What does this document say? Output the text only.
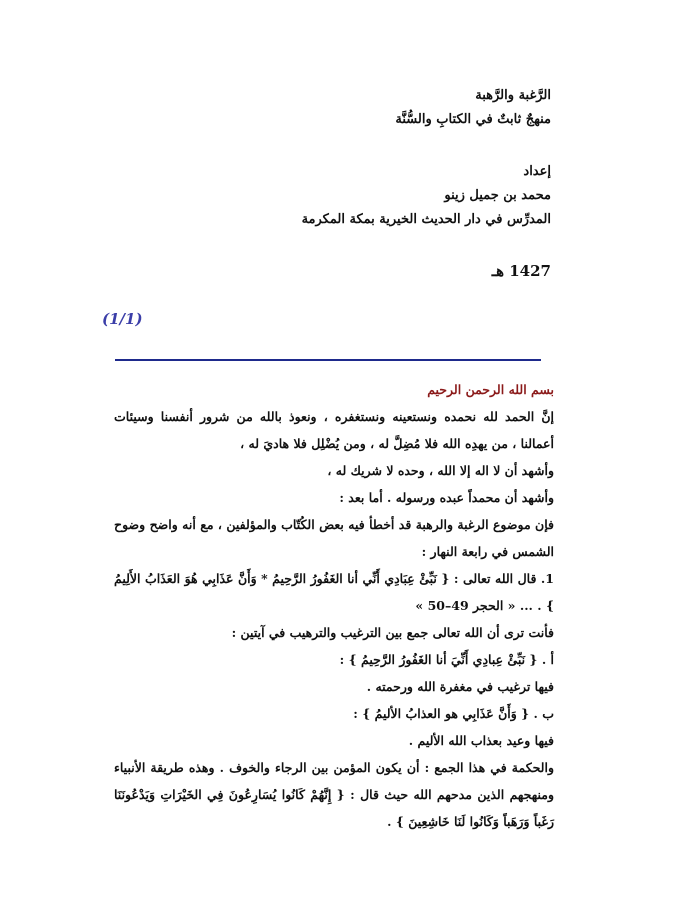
الرَّغبة والرَّهبة
منهجٌ ثابتٌ في الكتابِ والسُّنَّة
إعداد
محمد بن جميل زينو
المدرِّس في دار الحديث الخيرية بمكة المكرمة
1427 هـ
(1/1)
بسم الله الرحمن الرحيم
إنَّ الحمد لله نحمده ونستعينه ونستغفره ، ونعوذ بالله من شرور أنفسنا وسيئات أعمالنا ، من يهدِه الله فلا مُضِلَّ له ، ومن يُضْلِل فلا هاديَ له ،
وأشهد أن لا اله إلا الله ، وحده لا شريك له ،
وأشهد أن محمداً عبده ورسوله . أما بعد :
فإن موضوع الرغبة والرهبة قد أخطأ فيه بعض الكُتّاب والمؤلفين ، مع أنه واضح وضوح الشمس في رابعة النهار :
1. قال الله تعالى : { نَبِّئْ عِبَادِي أَنِّي أنا الغَفُورُ الرَّحِيمُ * وَأَنَّ عَذَابِي هُوَ العَذَابُ الأَلِيمُ } . ... « الحجر 49–50 »
فأنت ترى أن الله تعالى جمع بين الترغيب والترهيب في آيتين :
أ . { نَبِّئْ عِبادِي أَنِّيَ أنا الغَفُورُ الرَّحِيمُ } :
فيها ترغيب في مغفرة الله ورحمته .
ب . { وَأَنَّ عَذَابِي هو العذابُ الأليمُ } :
فيها وعيد بعذاب الله الأليم .
والحكمة في هذا الجمع : أن يكون المؤمن بين الرجاء والخوف . وهذه طريقة الأنبياء ومنهجهم الذين مدحهم الله حيث قال : { إِنَّهُمْ كَانُوا يُسَارِعُونَ فِي الخَيْرَاتِ وَيَدْعُونَنَا رَغَباً وَرَهَباً وَكَانُوا لَنَا خَاشِعِينَ } .
